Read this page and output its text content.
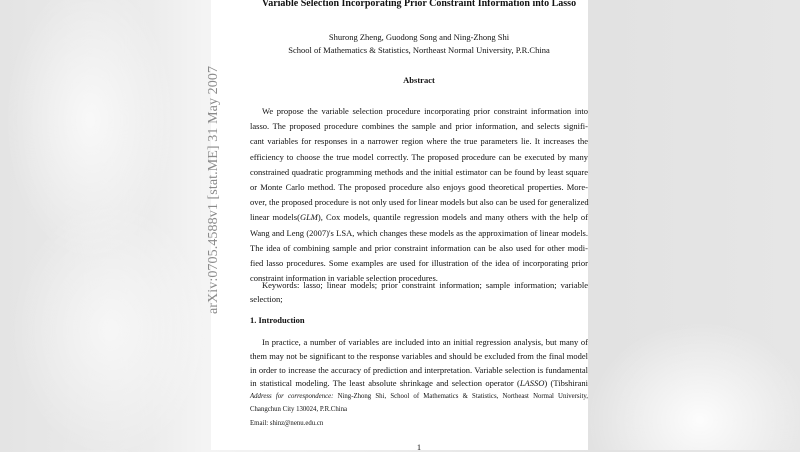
arXiv:0705.4588v1 [stat.ME] 31 May 2007
Variable Selection Incorporating Prior Constraint Information into Lasso
Shurong Zheng, Guodong Song and Ning-Zhong Shi
School of Mathematics & Statistics, Northeast Normal University, P.R.China
Abstract
We propose the variable selection procedure incorporating prior constraint information into
lasso. The proposed procedure combines the sample and prior information, and selects signifi-
cant variables for responses in a narrower region where the true parameters lie. It increases the
efficiency to choose the true model correctly. The proposed procedure can be executed by many
constrained quadratic programming methods and the initial estimator can be found by least square
or Monte Carlo method. The proposed procedure also enjoys good theoretical properties. More-
over, the proposed procedure is not only used for linear models but also can be used for generalized
linear models(GLM), Cox models, quantile regression models and many others with the help of
Wang and Leng (2007)'s LSA, which changes these models as the approximation of linear models.
The idea of combining sample and prior constraint information can be also used for other modi-
fied lasso procedures. Some examples are used for illustration of the idea of incorporating prior
constraint information in variable selection procedures.
Keywords: lasso; linear models; prior constraint information; sample information; variable
selection;
1. Introduction
In practice, a number of variables are included into an initial regression analysis, but many of
them may not be significant to the response variables and should be excluded from the final model
in order to increase the accuracy of prediction and interpretation. Variable selection is fundamental
in statistical modeling. The least absolute shrinkage and selection operator (LASSO) (Tibshirani
Address for correspondence: Ning-Zhong Shi, School of Mathematics & Statistics, Northeast Normal University,
Changchun City 130024, P.R.China
Email: shinz@nenu.edu.cn
1
